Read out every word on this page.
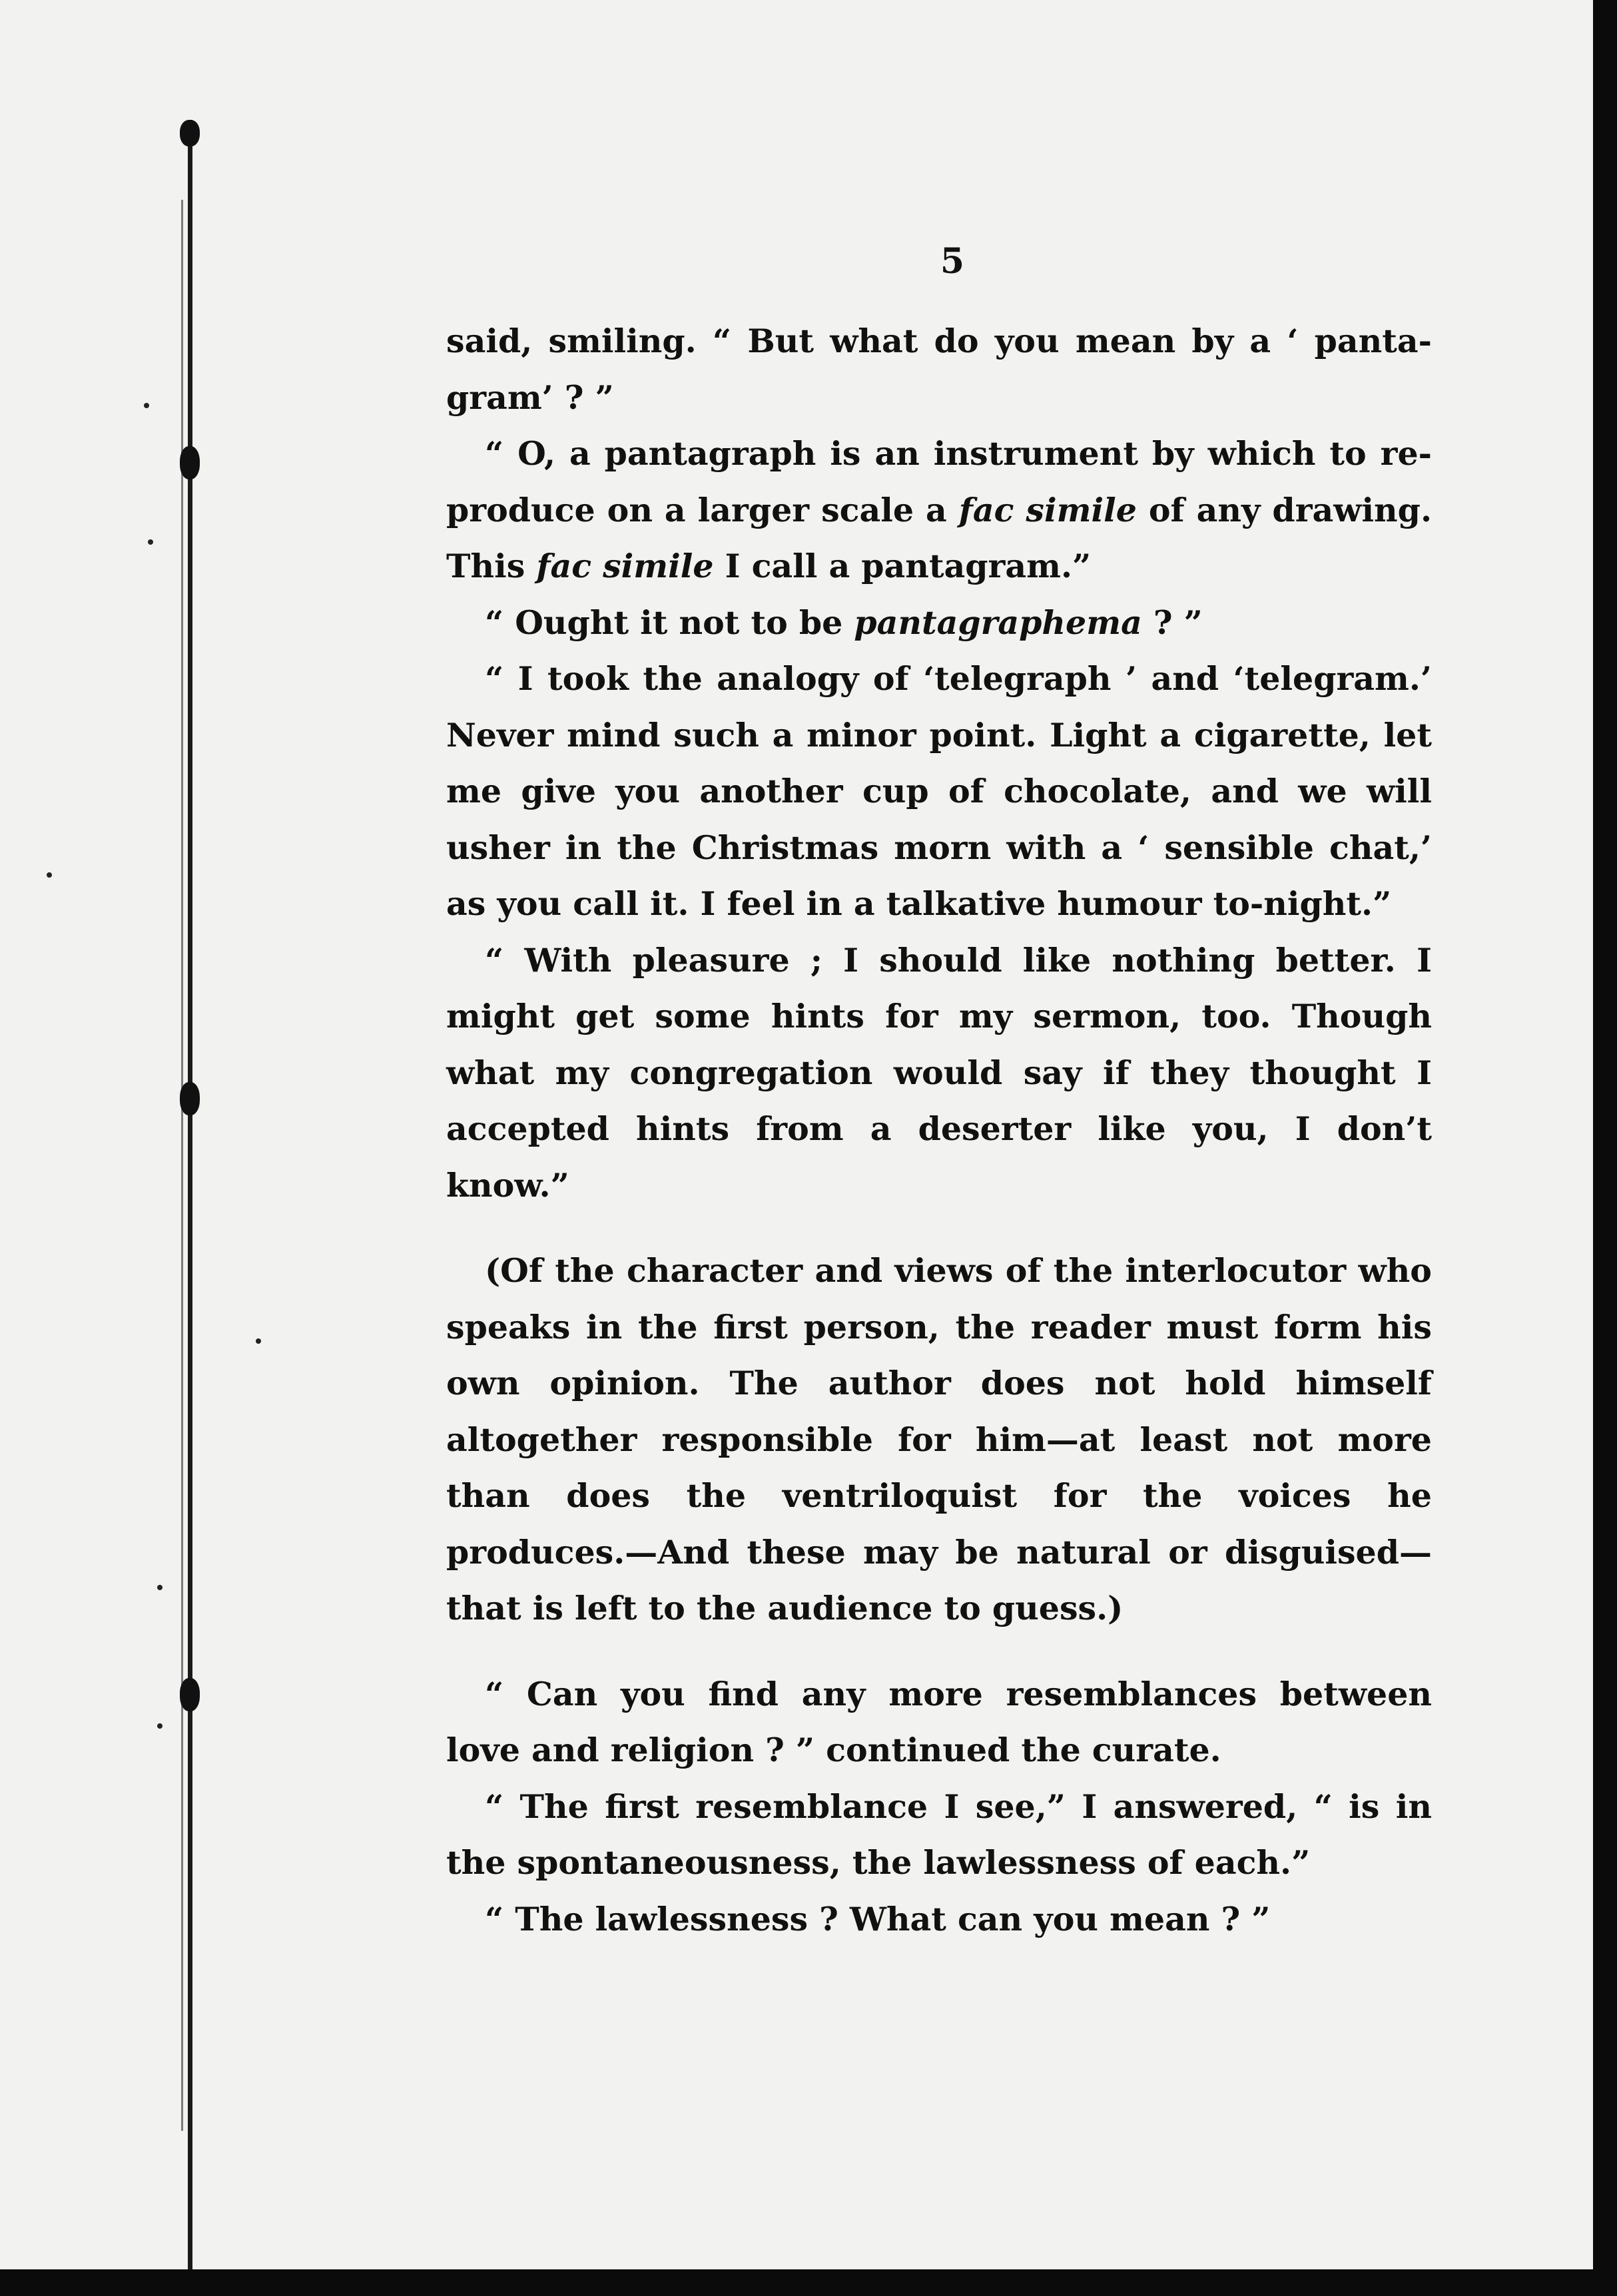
5

said, smiling. “ But what do you mean by a ‘ panta-gram’ ? ”

“ O, a pantagraph is an instrument by which to re-produce on a larger scale a fac simile of any drawing. This fac simile I call a pantagram.”

“ Ought it not to be pantagraphema ? ”

“ I took the analogy of ‘telegraph ’ and ‘telegram.’ Never mind such a minor point. Light a cigarette, let me give you another cup of chocolate, and we will usher in the Christmas morn with a ‘ sensible chat,’ as you call it. I feel in a talkative humour to-night.”

“ With pleasure ; I should like nothing better. I might get some hints for my sermon, too. Though what my congregation would say if they thought I accepted hints from a deserter like you, I don’t know.”

(Of the character and views of the interlocutor who speaks in the first person, the reader must form his own opinion. The author does not hold himself altogether responsible for him—at least not more than does the ventriloquist for the voices he produces.—And these may be natural or disguised—that is left to the audience to guess.)

“ Can you find any more resemblances between love and religion ? ” continued the curate.

“ The first resemblance I see,” I answered, “ is in the spontaneousness, the lawlessness of each.”

“ The lawlessness ? What can you mean ? ”
